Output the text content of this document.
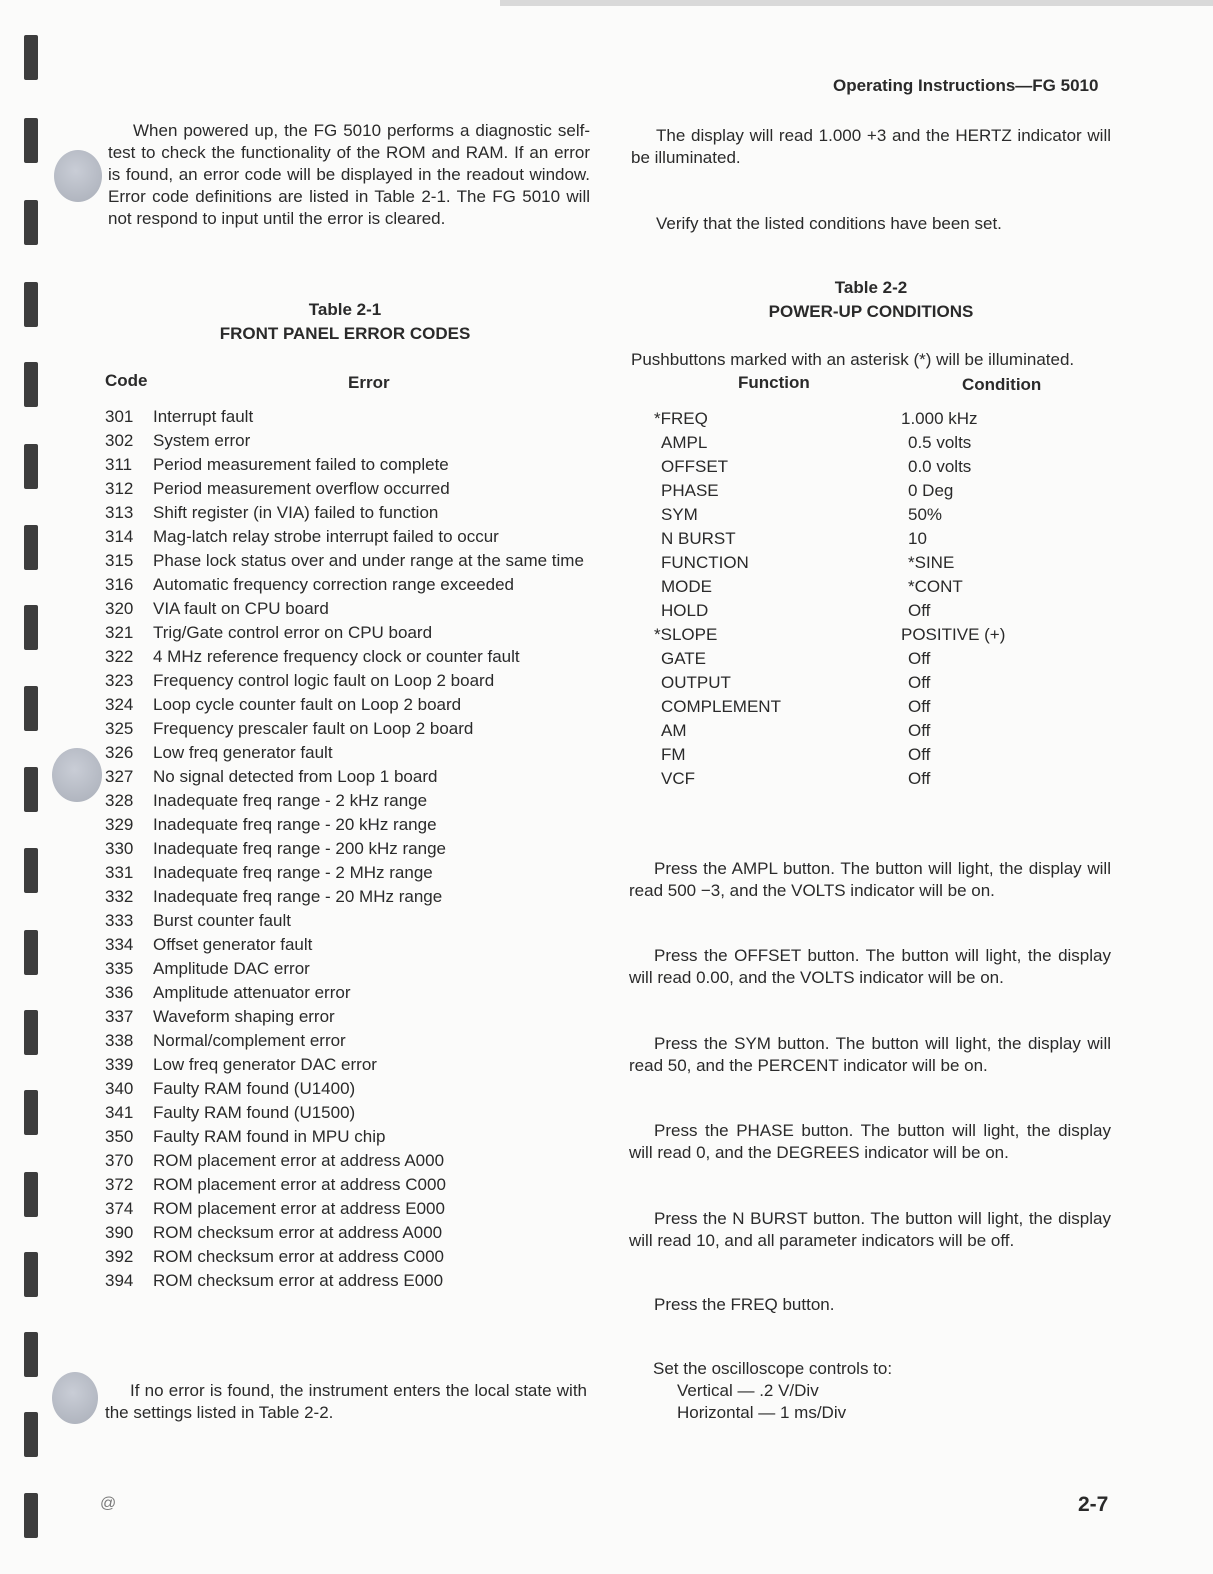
Operating Instructions—FG 5010

When powered up, the FG 5010 performs a diagnostic self-test to check the functionality of the ROM and RAM. If an error is found, an error code will be displayed in the readout window. Error code definitions are listed in Table 2-1. The FG 5010 will not respond to input until the error is cleared.

Table 2-1
FRONT PANEL ERROR CODES
Code	Error
301	Interrupt fault
302	System error
311	Period measurement failed to complete
312	Period measurement overflow occurred
313	Shift register (in VIA) failed to function
314	Mag-latch relay strobe interrupt failed to occur
315	Phase lock status over and under range at the same time
316	Automatic frequency correction range exceeded
320	VIA fault on CPU board
321	Trig/Gate control error on CPU board
322	4 MHz reference frequency clock or counter fault
323	Frequency control logic fault on Loop 2 board
324	Loop cycle counter fault on Loop 2 board
325	Frequency prescaler fault on Loop 2 board
326	Low freq generator fault
327	No signal detected from Loop 1 board
328	Inadequate freq range - 2 kHz range
329	Inadequate freq range - 20 kHz range
330	Inadequate freq range - 200 kHz range
331	Inadequate freq range - 2 MHz range
332	Inadequate freq range - 20 MHz range
333	Burst counter fault
334	Offset generator fault
335	Amplitude DAC error
336	Amplitude attenuator error
337	Waveform shaping error
338	Normal/complement error
339	Low freq generator DAC error
340	Faulty RAM found (U1400)
341	Faulty RAM found (U1500)
350	Faulty RAM found in MPU chip
370	ROM placement error at address A000
372	ROM placement error at address C000
374	ROM placement error at address E000
390	ROM checksum error at address A000
392	ROM checksum error at address C000
394	ROM checksum error at address E000

If no error is found, the instrument enters the local state with the settings listed in Table 2-2.

The display will read 1.000 +3 and the HERTZ indicator will be illuminated.

Verify that the listed conditions have been set.

Table 2-2
POWER-UP CONDITIONS
Pushbuttons marked with an asterisk (*) will be illuminated.
Function	Condition
*FREQ	1.000 kHz
AMPL	0.5 volts
OFFSET	0.0 volts
PHASE	0 Deg
SYM	50%
N BURST	10
FUNCTION	*SINE
MODE	*CONT
HOLD	Off
*SLOPE	POSITIVE (+)
GATE	Off
OUTPUT	Off
COMPLEMENT	Off
AM	Off
FM	Off
VCF	Off

Press the AMPL button. The button will light, the display will read 500 −3, and the VOLTS indicator will be on.

Press the OFFSET button. The button will light, the display will read 0.00, and the VOLTS indicator will be on.

Press the SYM button. The button will light, the display will read 50, and the PERCENT indicator will be on.

Press the PHASE button. The button will light, the display will read 0, and the DEGREES indicator will be on.

Press the N BURST button. The button will light, the display will read 10, and all parameter indicators will be off.

Press the FREQ button.

Set the oscilloscope controls to:
Vertical — .2 V/Div
Horizontal — 1 ms/Div
@	2-7
